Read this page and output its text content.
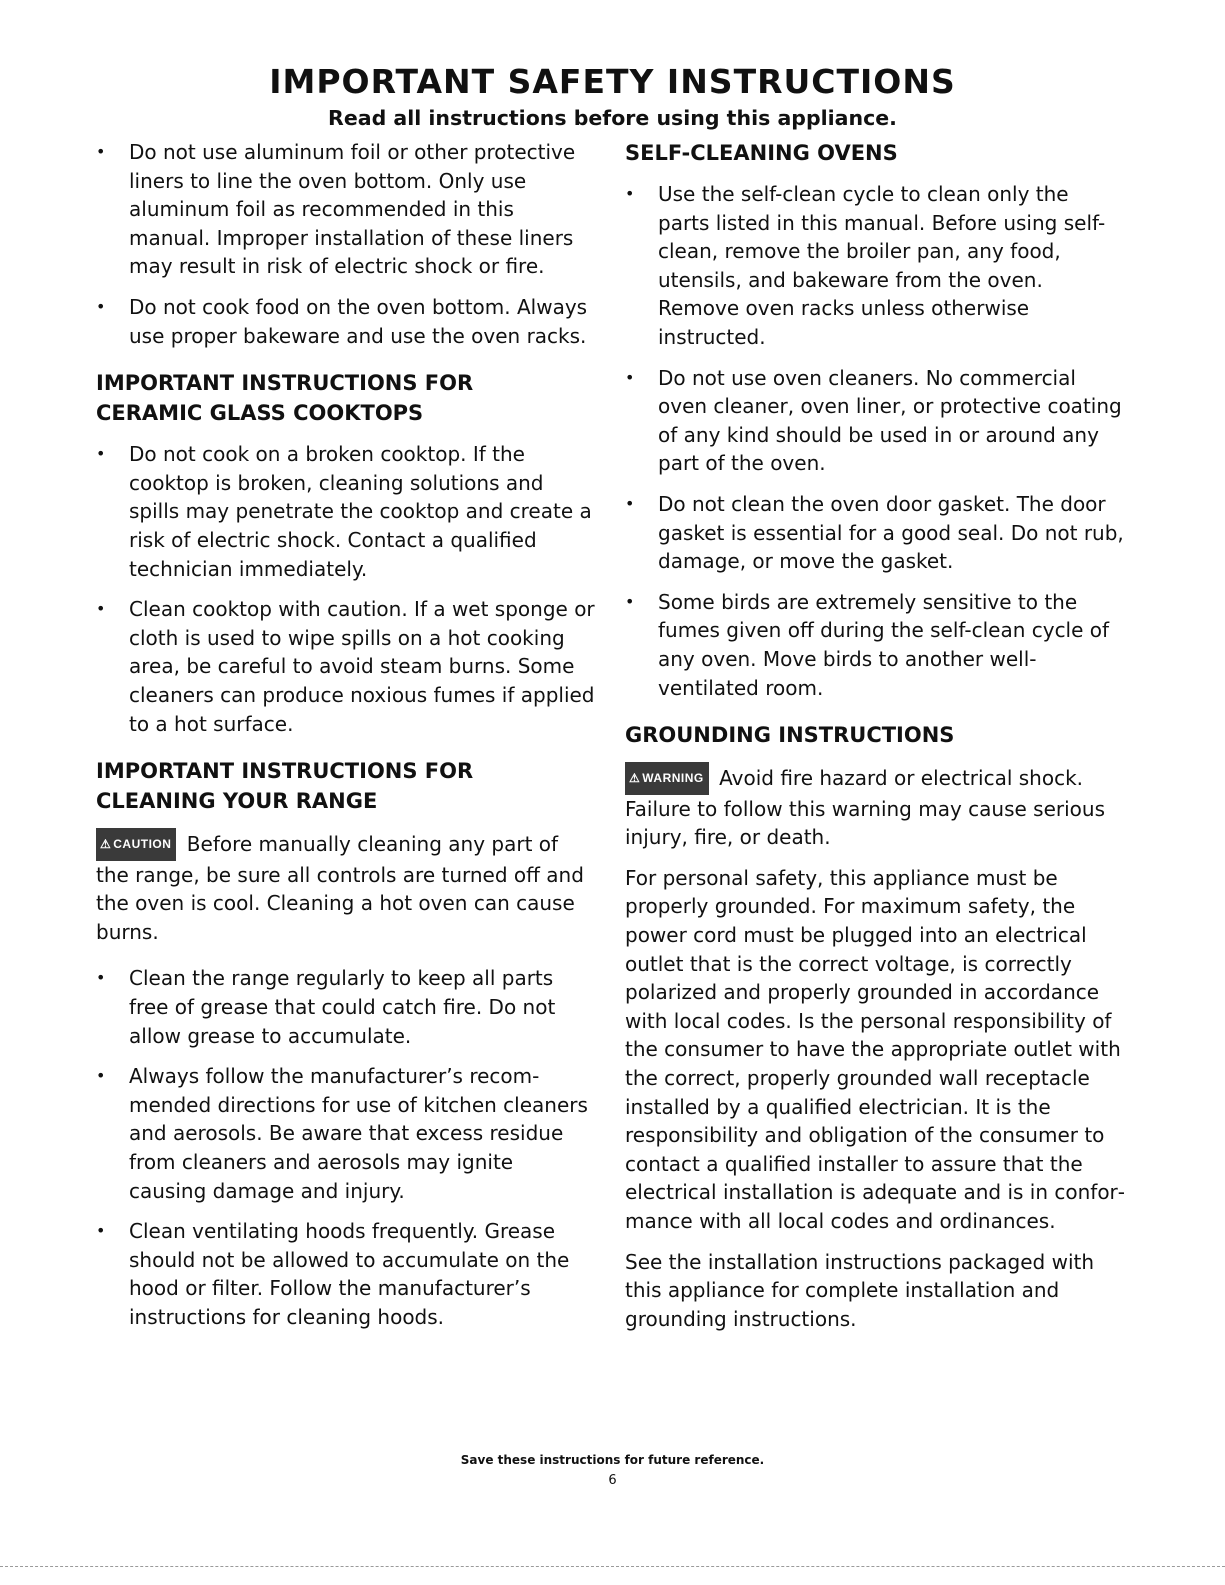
IMPORTANT SAFETY INSTRUCTIONS
Read all instructions before using this appliance.
• Do not use aluminum foil or other protective liners to line the oven bottom. Only use aluminum foil as recommended in this manual. Improper installation of these liners may result in risk of electric shock or fire.
• Do not cook food on the oven bottom. Always use proper bakeware and use the oven racks.
IMPORTANT INSTRUCTIONS FOR
CERAMIC GLASS COOKTOPS
• Do not cook on a broken cooktop. If the cooktop is broken, cleaning solutions and spills may penetrate the cooktop and create a risk of electric shock. Contact a qualified technician immediately.
• Clean cooktop with caution. If a wet sponge or cloth is used to wipe spills on a hot cooking area, be careful to avoid steam burns. Some cleaners can produce noxious fumes if applied to a hot surface.
IMPORTANT INSTRUCTIONS FOR
CLEANING YOUR RANGE

⚠ CAUTION Before manually cleaning any part of the range, be sure all controls are turned off and the oven is cool. Cleaning a hot oven can cause burns.

• Clean the range regularly to keep all parts free of grease that could catch fire. Do not allow grease to accumulate.
• Always follow the manufacturer’s recommended directions for use of kitchen cleaners and aerosols. Be aware that excess residue from cleaners and aerosols may ignite causing damage and injury.
• Clean ventilating hoods frequently. Grease should not be allowed to accumulate on the hood or filter. Follow the manufacturer’s instructions for cleaning hoods.
SELF-CLEANING OVENS
• Use the self-clean cycle to clean only the parts listed in this manual. Before using self-clean, remove the broiler pan, any food, utensils, and bakeware from the oven. Remove oven racks unless otherwise instructed.
• Do not use oven cleaners. No commercial oven cleaner, oven liner, or protective coating of any kind should be used in or around any part of the oven.
• Do not clean the oven door gasket. The door gasket is essential for a good seal. Do not rub, damage, or move the gasket.
• Some birds are extremely sensitive to the fumes given off during the self-clean cycle of any oven. Move birds to another well-ventilated room.
GROUNDING INSTRUCTIONS

⚠ WARNING Avoid fire hazard or electrical shock. Failure to follow this warning may cause serious injury, fire, or death.

For personal safety, this appliance must be properly grounded. For maximum safety, the power cord must be plugged into an electrical outlet that is the correct voltage, is correctly polarized and properly grounded in accordance with local codes. Is the personal responsibility of the consumer to have the appropriate outlet with the correct, properly grounded wall receptacle installed by a qualified electrician. It is the responsibility and obligation of the consumer to contact a qualified installer to assure that the electrical installation is adequate and is in conformance with all local codes and ordinances.

See the installation instructions packaged with this appliance for complete installation and grounding instructions.

Save these instructions for future reference.
6
